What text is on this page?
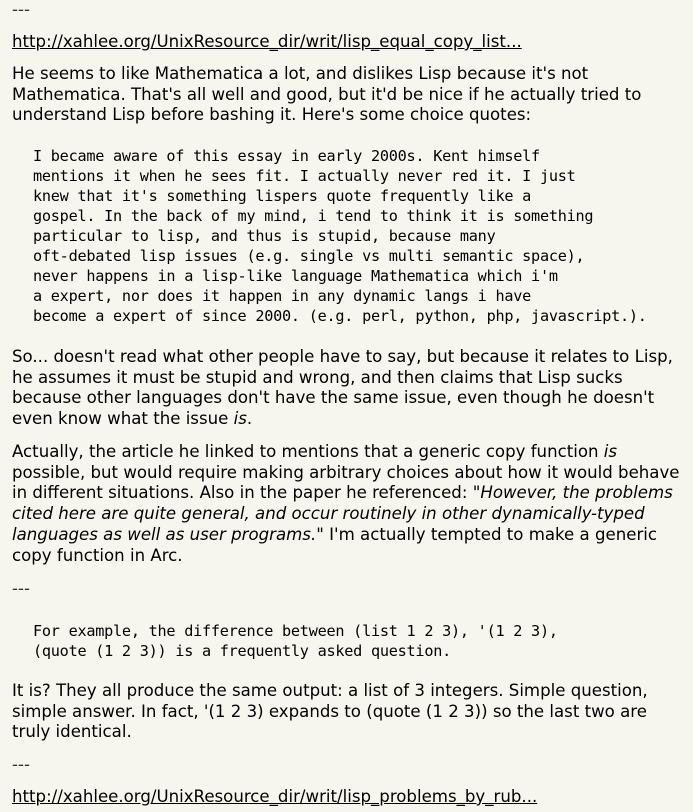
---
http://xahlee.org/UnixResource_dir/writ/lisp_equal_copy_list...

He seems to like Mathematica a lot, and dislikes Lisp because it's not Mathematica. That's all well and good, but it'd be nice if he actually tried to understand Lisp before bashing it. Here's some choice quotes:

I became aware of this essay in early 2000s. Kent himself
mentions it when he sees fit. I actually never red it. I just
knew that it's something lispers quote frequently like a
gospel. In the back of my mind, i tend to think it is something
particular to lisp, and thus is stupid, because many
oft-debated lisp issues (e.g. single vs multi semantic space),
never happens in a lisp-like language Mathematica which i'm
a expert, nor does it happen in any dynamic langs i have
become a expert of since 2000. (e.g. perl, python, php, javascript.).

So... doesn't read what other people have to say, but because it relates to Lisp, he assumes it must be stupid and wrong, and then claims that Lisp sucks because other languages don't have the same issue, even though he doesn't even know what the issue is.

Actually, the article he linked to mentions that a generic copy function is possible, but would require making arbitrary choices about how it would behave in different situations. Also in the paper he referenced: "However, the problems cited here are quite general, and occur routinely in other dynamically-typed languages as well as user programs." I'm actually tempted to make a generic copy function in Arc.

---
For example, the difference between (list 1 2 3), '(1 2 3),
(quote (1 2 3)) is a frequently asked question.

It is? They all produce the same output: a list of 3 integers. Simple question, simple answer. In fact, '(1 2 3) expands to (quote (1 2 3)) so the last two are truly identical.

---
http://xahlee.org/UnixResource_dir/writ/lisp_problems_by_rub...
